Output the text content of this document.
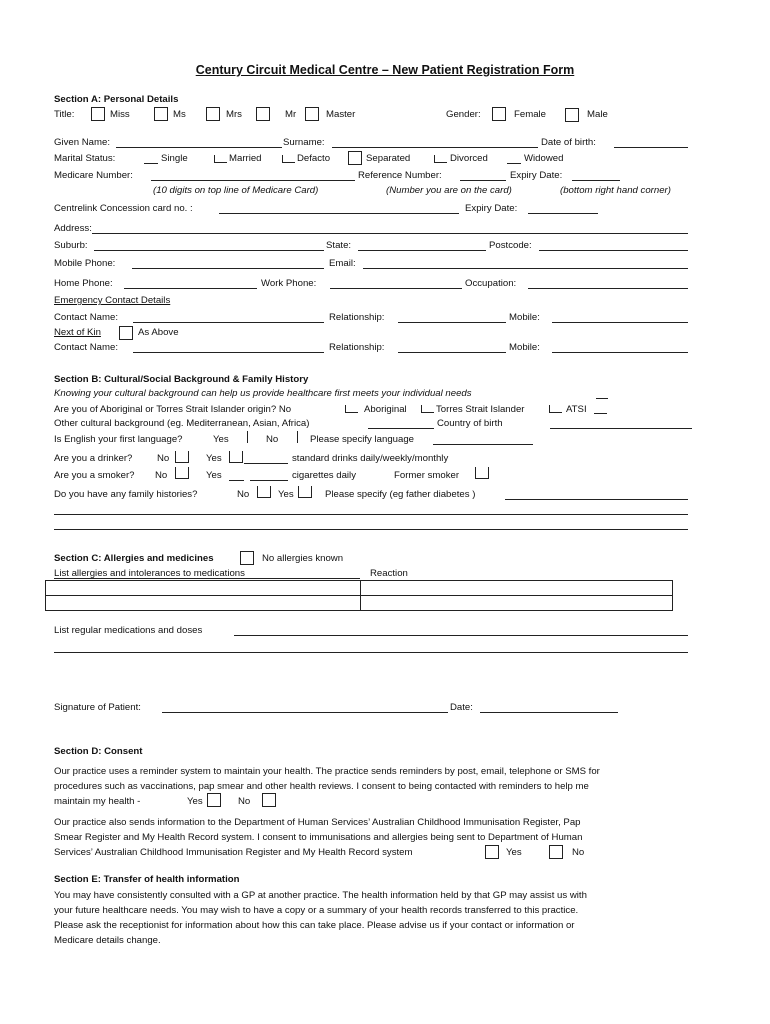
Century Circuit Medical Centre – New Patient Registration Form
Section A: Personal Details
Title:	Miss	Ms	Mrs	Mr	Master	Gender:	Female	Male
Given Name:	Surname:	Date of birth:
Marital Status:	Single	Married	Defacto	Separated	Divorced	Widowed
Medicare Number:	Reference Number:	Expiry Date:
(10 digits on top line of Medicare Card)	(Number you are on the card)	(bottom right hand corner)
Centrelink Concession card no. :	Expiry Date:
Address:
Suburb:	State:	Postcode:
Mobile Phone:	Email:
Home Phone:	Work Phone:	Occupation:
Emergency Contact Details
Contact Name:	Relationship:	Mobile:
Next of Kin	As Above
Contact Name:	Relationship:	Mobile:
Section B: Cultural/Social Background & Family History
Knowing your cultural background can help us provide healthcare first meets your individual needs
Are you of Aboriginal or Torres Strait Islander origin? No	Aboriginal	Torres Strait Islander	ATSI
Other cultural background (eg. Mediterranean, Asian, Africa)	Country of birth
Is English your first language?	Yes	No	Please specify language
Are you a drinker?	No	Yes	standard drinks daily/weekly/monthly
Are you a smoker? No	Yes	cigarettes daily	Former smoker
Do you have any family histories?	No	Yes	Please specify (eg father diabetes )
Section C: Allergies and medicines	No allergies known
List allergies and intolerances to medications	Reaction

List regular medications and doses
Signature of Patient:	Date:
Section D: Consent
Our practice uses a reminder system to maintain your health. The practice sends reminders by post, email, telephone or SMS for
procedures such as vaccinations, pap smear and other health reviews. I consent to being contacted with reminders to help me
maintain my health -	Yes	No
Our practice also sends information to the Department of Human Services’ Australian Childhood Immunisation Register, Pap
Smear Register and My Health Record system. I consent to immunisations and allergies being sent to Department of Human
Services’ Australian Childhood Immunisation Register and My Health Record system	Yes	No
Section E: Transfer of health information
You may have consistently consulted with a GP at another practice. The health information held by that GP may assist us with
your future healthcare needs. You may wish to have a copy or a summary of your health records transferred to this practice.
Please ask the receptionist for information about how this can take place. Please advise us if your contact or information or
Medicare details change.
